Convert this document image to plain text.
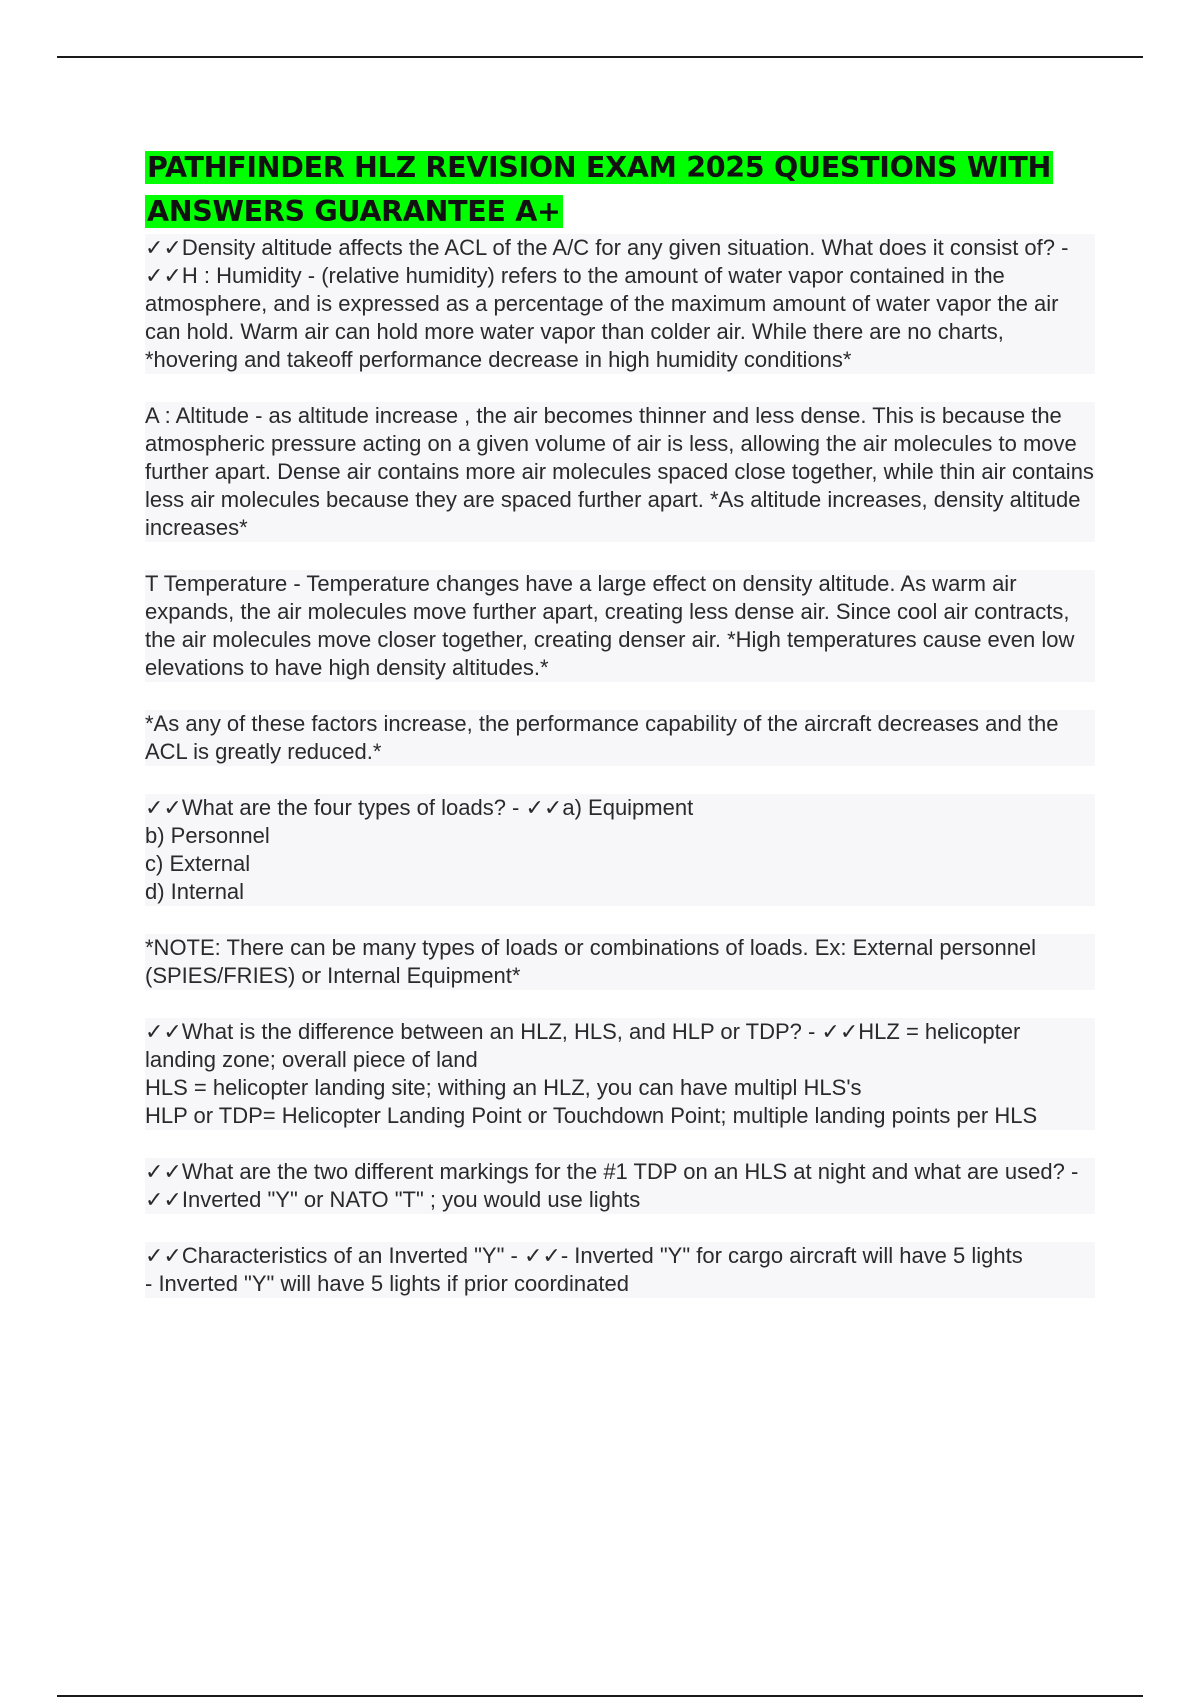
PATHFINDER HLZ REVISION EXAM 2025 QUESTIONS WITH ANSWERS GUARANTEE A+

✓✓Density altitude affects the ACL of the A/C for any given situation. What does it consist of? - ✓✓H : Humidity - (relative humidity) refers to the amount of water vapor contained in the atmosphere, and is expressed as a percentage of the maximum amount of water vapor the air can hold. Warm air can hold more water vapor than colder air. While there are no charts, *hovering and takeoff performance decrease in high humidity conditions*

A : Altitude - as altitude increase , the air becomes thinner and less dense. This is because the atmospheric pressure acting on a given volume of air is less, allowing the air molecules to move further apart. Dense air contains more air molecules spaced close together, while thin air contains less air molecules because they are spaced further apart. *As altitude increases, density altitude increases*

T Temperature - Temperature changes have a large effect on density altitude. As warm air expands, the air molecules move further apart, creating less dense air. Since cool air contracts, the air molecules move closer together, creating denser air. *High temperatures cause even low elevations to have high density altitudes.*

*As any of these factors increase, the performance capability of the aircraft decreases and the ACL is greatly reduced.*

✓✓What are the four types of loads? - ✓✓a) Equipment
b) Personnel
c) External
d) Internal

*NOTE: There can be many types of loads or combinations of loads. Ex: External personnel (SPIES/FRIES) or Internal Equipment*

✓✓What is the difference between an HLZ, HLS, and HLP or TDP? - ✓✓HLZ = helicopter landing zone; overall piece of land
HLS = helicopter landing site; withing an HLZ, you can have multipl HLS's
HLP or TDP= Helicopter Landing Point or Touchdown Point; multiple landing points per HLS

✓✓What are the two different markings for the #1 TDP on an HLS at night and what are used? - ✓✓Inverted "Y" or NATO "T" ; you would use lights

✓✓Characteristics of an Inverted "Y" - ✓✓- Inverted "Y" for cargo aircraft will have 5 lights
- Inverted "Y" will have 5 lights if prior coordinated
